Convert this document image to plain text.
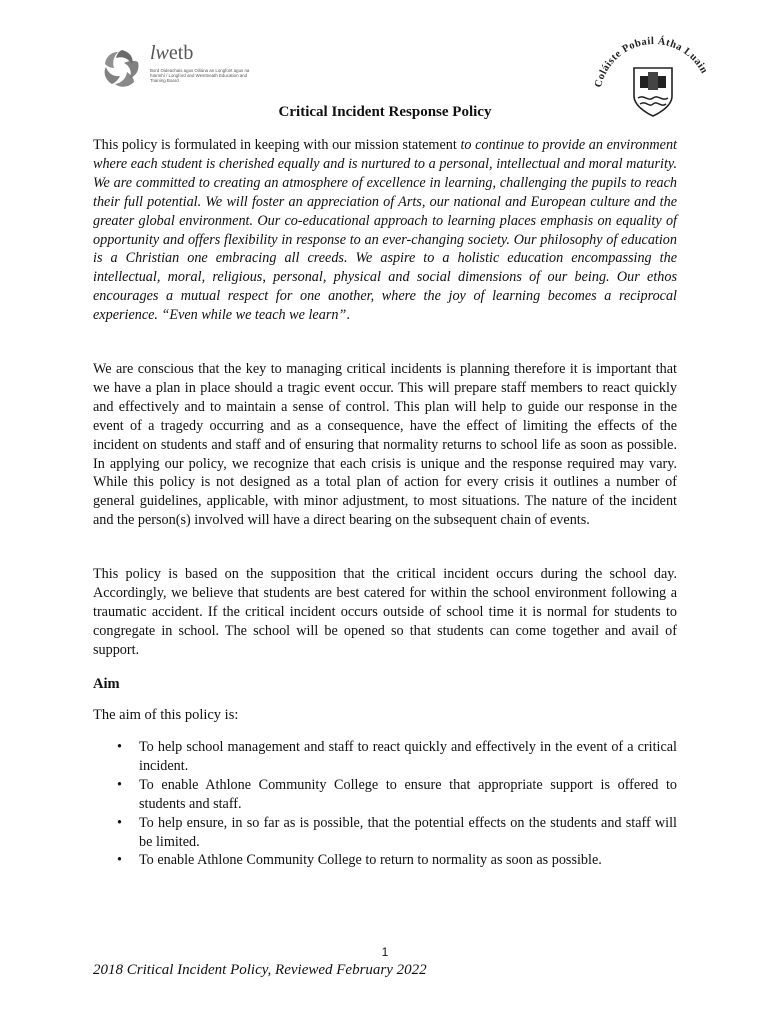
lwetb
Bord Oideachais agus Oiliúna an Longfoirt agus na hIarmhí / Longford and Westmeath Education and Training Board	Coláiste Pobail Átha Luain
Critical Incident Response Policy
This policy is formulated in keeping with our mission statement to continue to provide an environment where each student is cherished equally and is nurtured to a personal, intellectual and moral maturity. We are committed to creating an atmosphere of excellence in learning, challenging the pupils to reach their full potential. We will foster an appreciation of Arts, our national and European culture and the greater global environment. Our co-educational approach to learning places emphasis on equality of opportunity and offers flexibility in response to an ever-changing society. Our philosophy of education is a Christian one embracing all creeds. We aspire to a holistic education encompassing the intellectual, moral, religious, personal, physical and social dimensions of our being. Our ethos encourages a mutual respect for one another, where the joy of learning becomes a reciprocal experience. “Even while we teach we learn”.
We are conscious that the key to managing critical incidents is planning therefore it is important that we have a plan in place should a tragic event occur. This will prepare staff members to react quickly and effectively and to maintain a sense of control. This plan will help to guide our response in the event of a tragedy occurring and as a consequence, have the effect of limiting the effects of the incident on students and staff and of ensuring that normality returns to school life as soon as possible. In applying our policy, we recognize that each crisis is unique and the response required may vary. While this policy is not designed as a total plan of action for every crisis it outlines a number of general guidelines, applicable, with minor adjustment, to most situations. The nature of the incident and the person(s) involved will have a direct bearing on the subsequent chain of events.
This policy is based on the supposition that the critical incident occurs during the school day. Accordingly, we believe that students are best catered for within the school environment following a traumatic accident. If the critical incident occurs outside of school time it is normal for students to congregate in school. The school will be opened so that students can come together and avail of support.
Aim
The aim of this policy is:
• To help school management and staff to react quickly and effectively in the event of a critical incident.
• To enable Athlone Community College to ensure that appropriate support is offered to students and staff.
• To help ensure, in so far as is possible, that the potential effects on the students and staff will be limited.
• To enable Athlone Community College to return to normality as soon as possible.
1
2018 Critical Incident Policy, Reviewed February 2022
